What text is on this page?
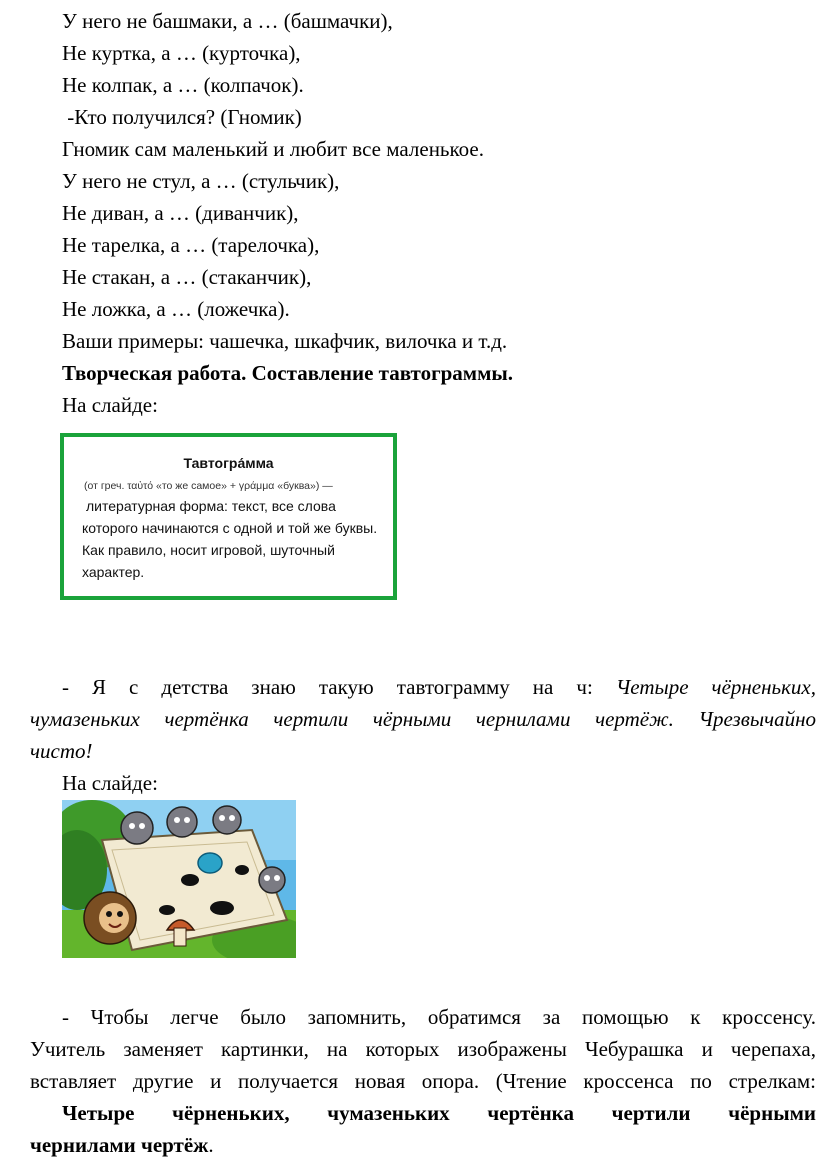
У него не башмаки, а … (башмачки),
Не куртка, а … (курточка),
Не колпак, а … (колпачок).
-Кто получился? (Гномик)
Гномик сам маленький и любит все маленькое.
У него не стул, а … (стульчик),
Не диван, а … (диванчик),
Не тарелка, а … (тарелочка),
Не стакан, а … (стаканчик),
Не ложка, а … (ложечка).
Ваши примеры: чашечка, шкафчик, вилочка и т.д.
Творческая работа. Составление тавтограммы.
На слайде:
Тавтогра́мма
(от греч. ταὐτό «то же самое» + γράμμα «буква») —
литературная форма: текст, все слова которого начинаются с одной и той же буквы. Как правило, носит игровой, шуточный характер.
- Я с детства знаю такую тавтограмму на ч: Четыре чёрненьких,
чумазеньких чертёнка чертили чёрными чернилами чертёж. Чрезвычайно
чисто!
На слайде:
- Чтобы легче было запомнить, обратимся за помощью к кроссенсу.
Учитель заменяет картинки, на которых изображены Чебурашка и черепаха,
вставляет другие и получается новая опора. (Чтение кроссенса по стрелкам:
Четыре чёрненьких, чумазеньких чертёнка чертили чёрными
чернилами чертёж.
